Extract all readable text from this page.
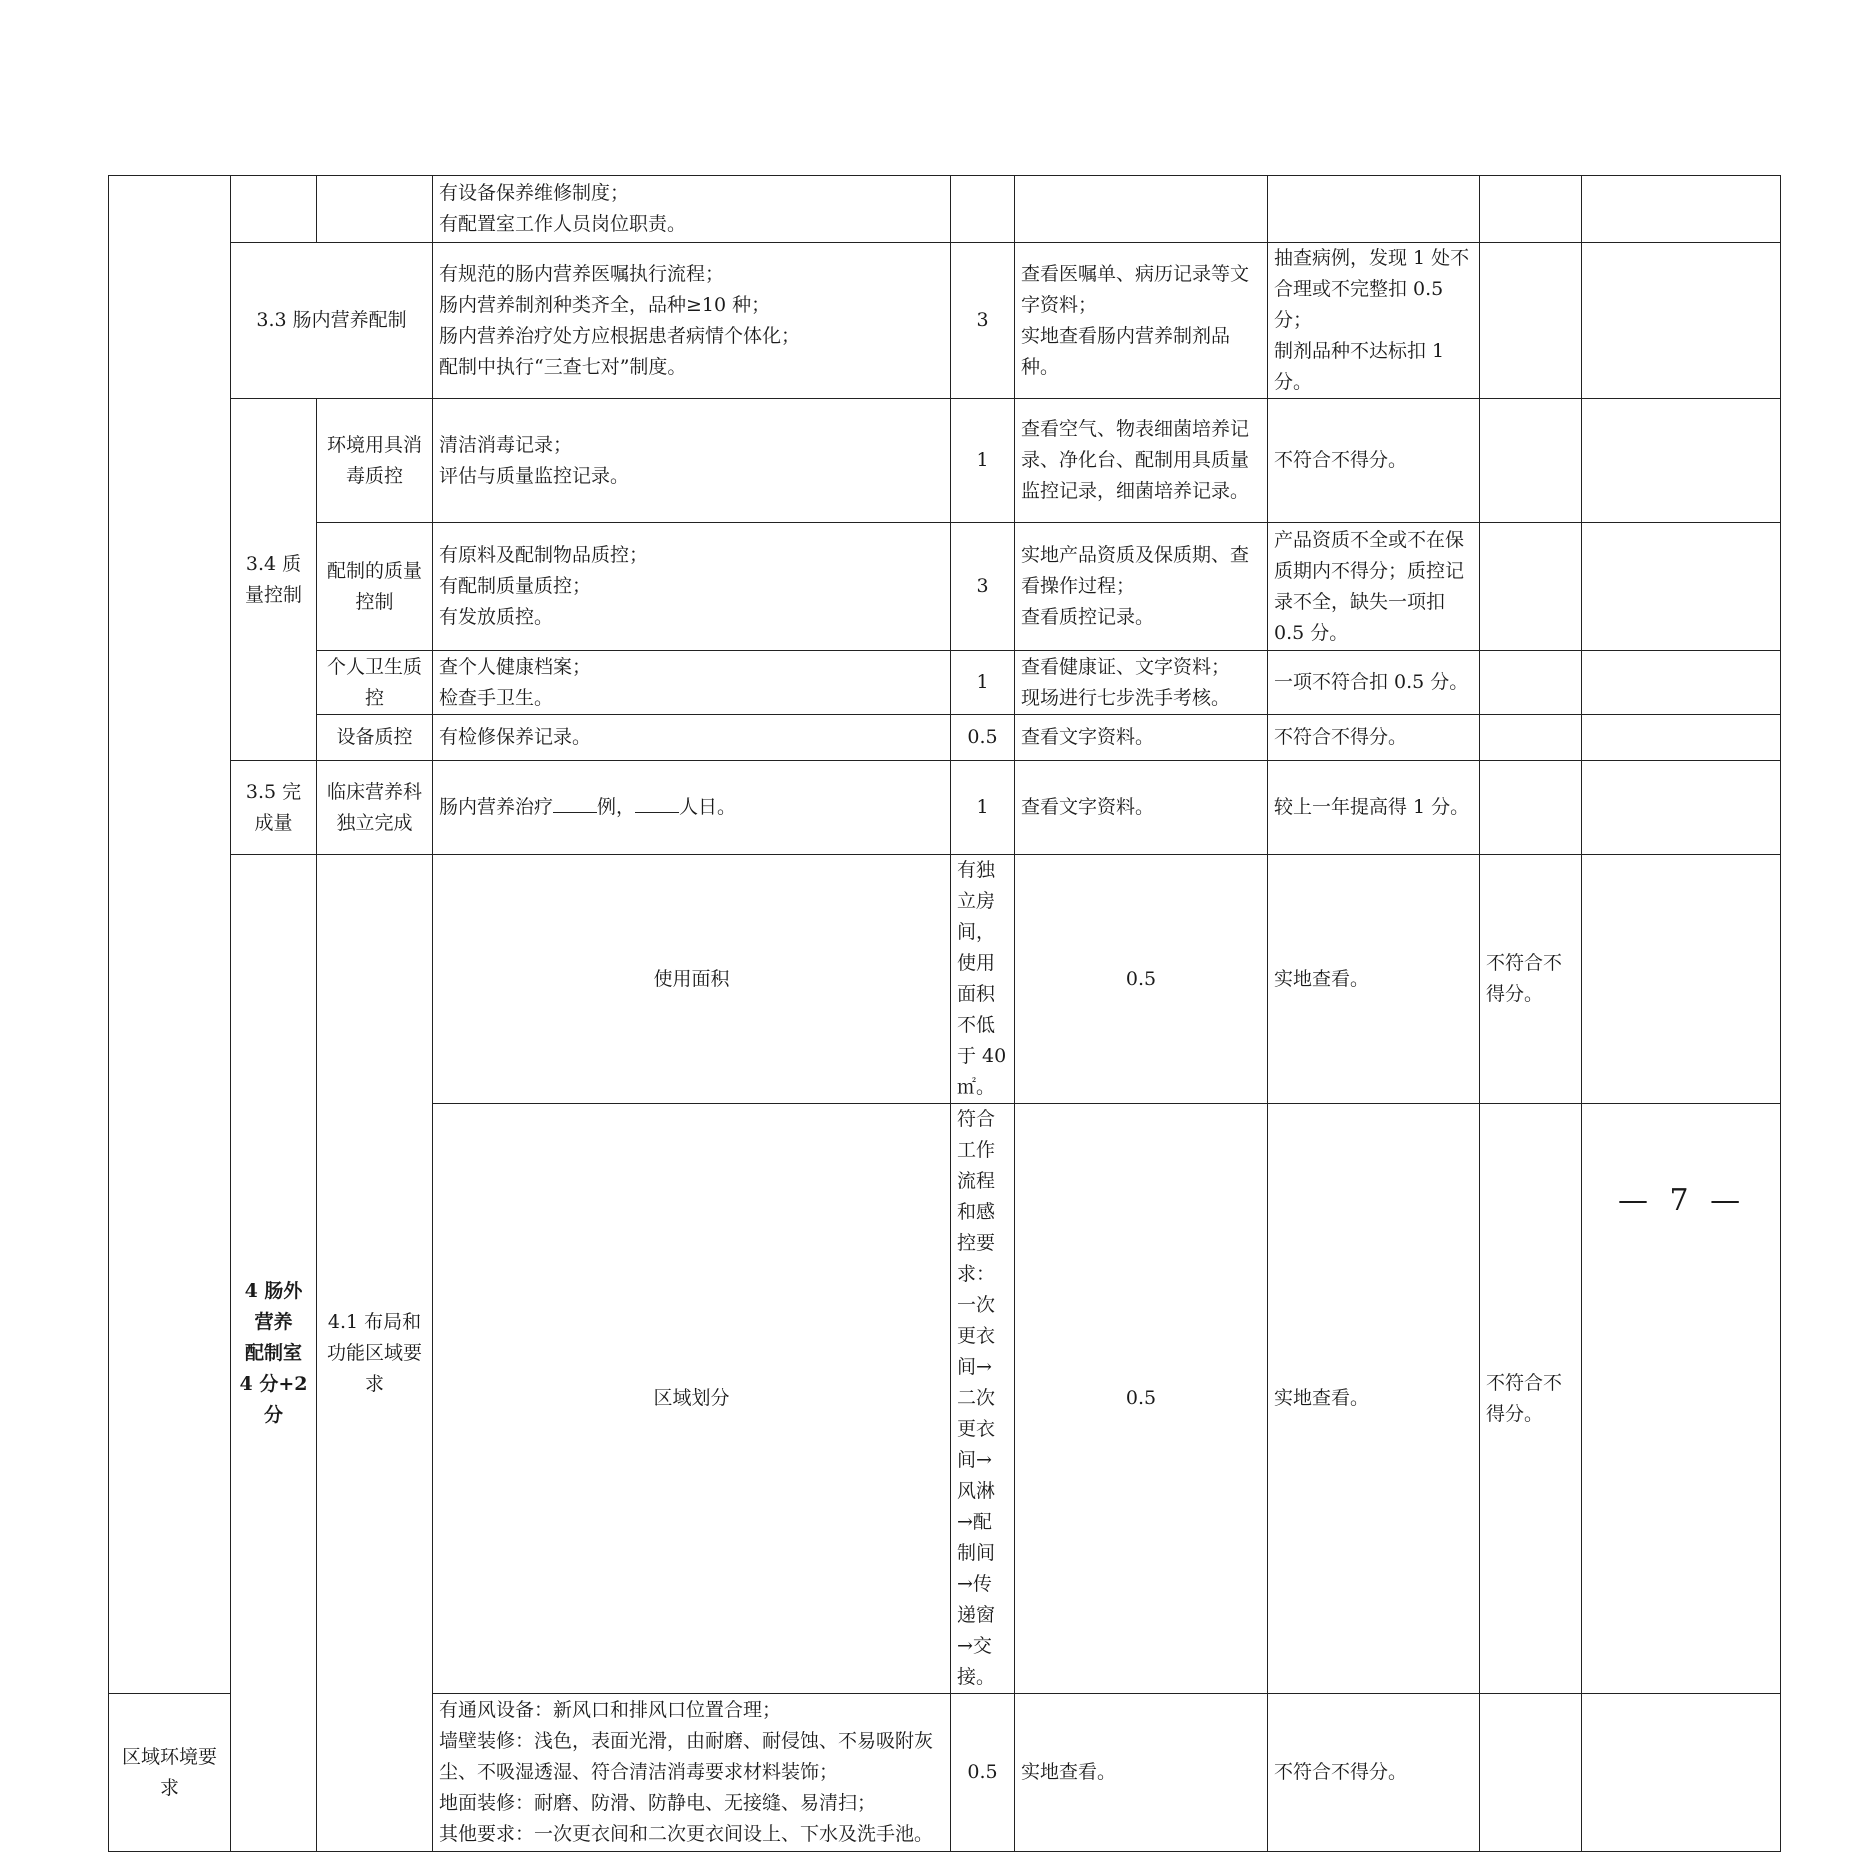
			有设备保养维修制度；
有配置室工作人员岗位职责。						

	3.3 肠内营养配制		有规范的肠内营养医嘱执行流程；
肠内营养制剂种类齐全，品种≥10 种；
肠内营养治疗处方应根据患者病情个体化；
配制中执行“三查七对”制度。	3	查看医嘱单、病历记录等文字资料；
实地查看肠内营养制剂品种。	抽查病例，发现 1 处不合理或不完整扣 0.5 分；
制剂品种不达标扣 1 分。			

	3.4 质量控制	环境用具消毒质控	清洁消毒记录；
评估与质量监控记录。	1	查看空气、物表细菌培养记录、净化台、配制用具质量监控记录，细菌培养记录。	不符合不得分。			
		配制的质量控制	有原料及配制物品质控；
有配制质量质控；
有发放质控。	3	实地产品资质及保质期、查看操作过程；
查看质控记录。	产品资质不全或不在保质期内不得分；质控记录不全，缺失一项扣 0.5 分。			
		个人卫生质控	查个人健康档案；
检查手卫生。	1	查看健康证、文字资料；
现场进行七步洗手考核。	一项不符合扣 0.5 分。			
		设备质控	有检修保养记录。	0.5	查看文字资料。	不符合不得分。			
	3.5 完成量	临床营养科独立完成	肠内营养治疗 例， 人日。	1	查看文字资料。	较上一年提高得 1 分。			

	4 肠外营养
配制室
4 分+2 分	4.1 布局和功能区域要求	使用面积	有独立房间，使用面积不低于 40 ㎡。	0.5	实地查看。	不符合不得分。		
			区域划分	符合工作流程和感控要求：
一次更衣间→二次更衣间→风淋→配制间→传递窗→交接。	0.5	实地查看。	不符合不得分。		
区域环境要求			有通风设备：新风口和排风口位置合理；
墙壁装修：浅色，表面光滑，由耐磨、耐侵蚀、不易吸附灰尘、不吸湿透湿、符合清洁消毒要求材料装饰；
地面装修：耐磨、防滑、防静电、无接缝、易清扫；
其他要求：一次更衣间和二次更衣间设上、下水及洗手池。	0.5	实地查看。	不符合不得分。			
— 7 —
